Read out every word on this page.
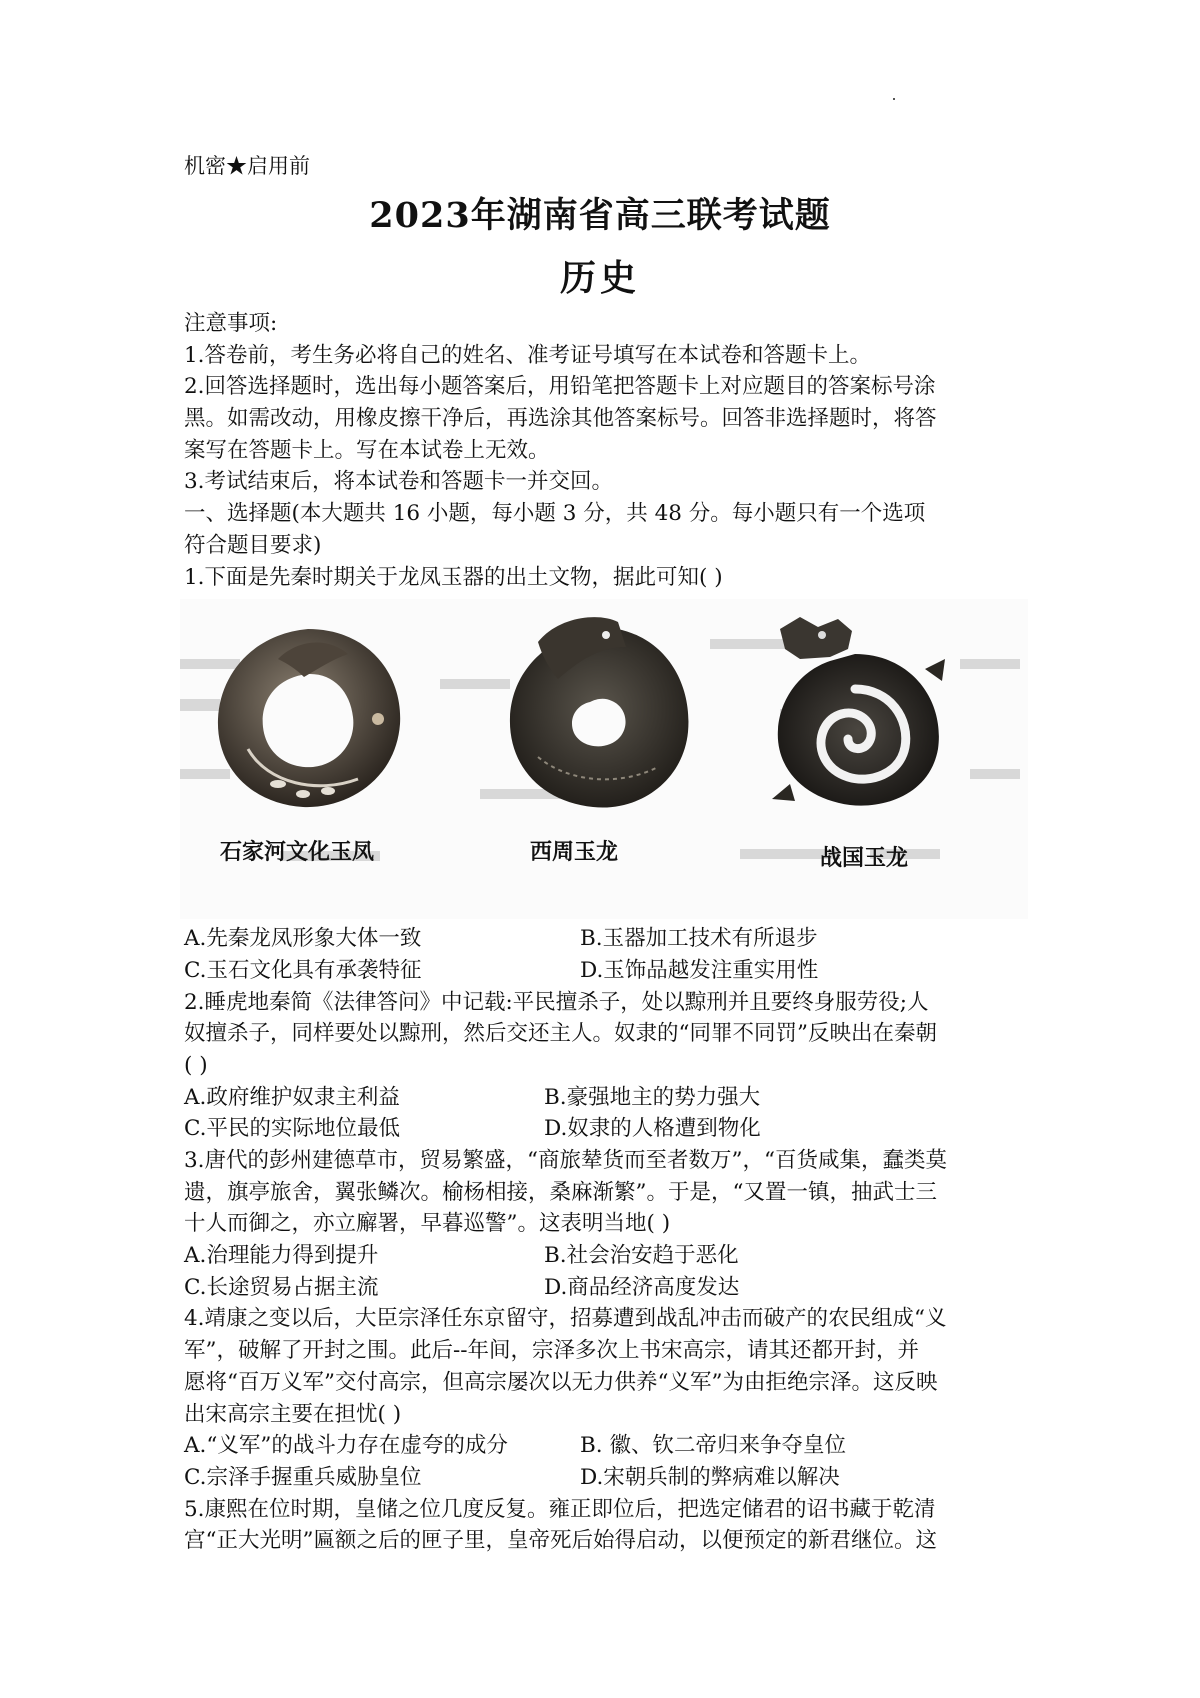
机密★启用前
2023年湖南省高三联考试题
历史
注意事项:
1.答卷前，考生务必将自己的姓名、准考证号填写在本试卷和答题卡上。
2.回答选择题时，选出每小题答案后，用铅笔把答题卡上对应题目的答案标号涂
黑。如需改动，用橡皮擦干净后，再选涂其他答案标号。回答非选择题时，将答
案写在答题卡上。写在本试卷上无效。
3.考试结束后，将本试卷和答题卡一并交回。
一、选择题(本大题共 16 小题，每小题 3 分，共 48 分。每小题只有一个选项
符合题目要求)
1.下面是先秦时期关于龙凤玉器的出土文物，据此可知( )
石家河文化玉凤	西周玉龙	战国玉龙
A.先秦龙凤形象大体一致	B.玉器加工技术有所退步
C.玉石文化具有承袭特征	D.玉饰品越发注重实用性
2.睡虎地秦简《法律答问》中记载:平民擅杀子，处以黥刑并且要终身服劳役;人
奴擅杀子，同样要处以黥刑，然后交还主人。奴隶的“同罪不同罚”反映出在秦朝
( )
A.政府维护奴隶主利益	B.豪强地主的势力强大
C.平民的实际地位最低	D.奴隶的人格遭到物化
3.唐代的彭州建德草市，贸易繁盛，“商旅辇货而至者数万”，“百货咸集，蠢类莫
遗，旗亭旅舍，翼张鳞次。榆杨相接，桑麻渐繁”。于是，“又置一镇，抽武士三
十人而御之，亦立廨署，早暮巡警”。这表明当地( )
A.治理能力得到提升	B.社会治安趋于恶化
C.长途贸易占据主流	D.商品经济高度发达
4.靖康之变以后，大臣宗泽任东京留守，招募遭到战乱冲击而破产的农民组成“义
军”，破解了开封之围。此后--年间，宗泽多次上书宋高宗，请其还都开封，并
愿将“百万义军”交付高宗，但高宗屡次以无力供养“义军”为由拒绝宗泽。这反映
出宋高宗主要在担忧( )
A.“义军”的战斗力存在虚夸的成分	B. 徽、钦二帝归来争夺皇位
C.宗泽手握重兵威胁皇位	D.宋朝兵制的弊病难以解决
5.康熙在位时期，皇储之位几度反复。雍正即位后，把选定储君的诏书藏于乾清
宫“正大光明”匾额之后的匣子里，皇帝死后始得启动，以便预定的新君继位。这
